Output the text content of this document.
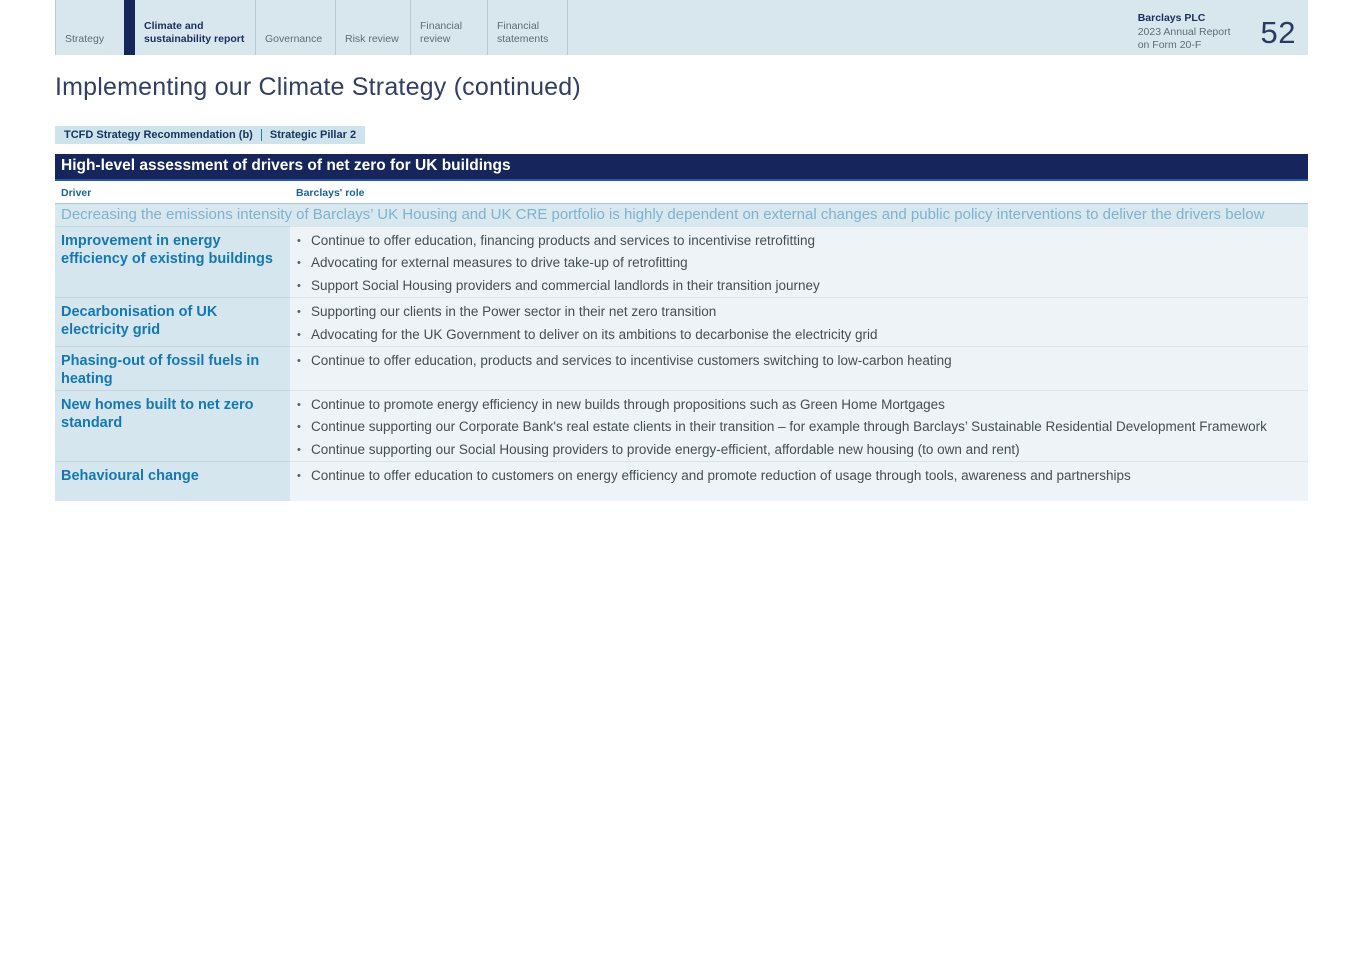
Strategy
Climate and sustainability report Governance Risk review
Financial review
Financial statements
Barclays PLC
2023 Annual Report
on Form 20-F	52
Implementing our Climate Strategy (continued)
TCFD Strategy Recommendation (b) Strategic Pillar 2
High-level assessment of drivers of net zero for UK buildings
Driver	Barclays' role
Decreasing the emissions intensity of Barclays’ UK Housing and UK CRE portfolio is highly dependent on external changes and public policy interventions to deliver the drivers below
Improvement in energy efficiency of existing buildings
• Continue to offer education, financing products and services to incentivise retrofitting
• Advocating for external measures to drive take-up of retrofitting
• Support Social Housing providers and commercial landlords in their transition journey
Decarbonisation of UK electricity grid
• Supporting our clients in the Power sector in their net zero transition
• Advocating for the UK Government to deliver on its ambitions to decarbonise the electricity grid
Phasing-out of fossil fuels in heating
• Continue to offer education, products and services to incentivise customers switching to low-carbon heating
New homes built to net zero standard
• Continue to promote energy efficiency in new builds through propositions such as Green Home Mortgages
• Continue supporting our Corporate Bank's real estate clients in their transition – for example through Barclays’ Sustainable Residential Development Framework
• Continue supporting our Social Housing providers to provide energy-efficient, affordable new housing (to own and rent)
Behavioural change	• Continue to offer education to customers on energy efficiency and promote reduction of usage through tools, awareness and partnerships
